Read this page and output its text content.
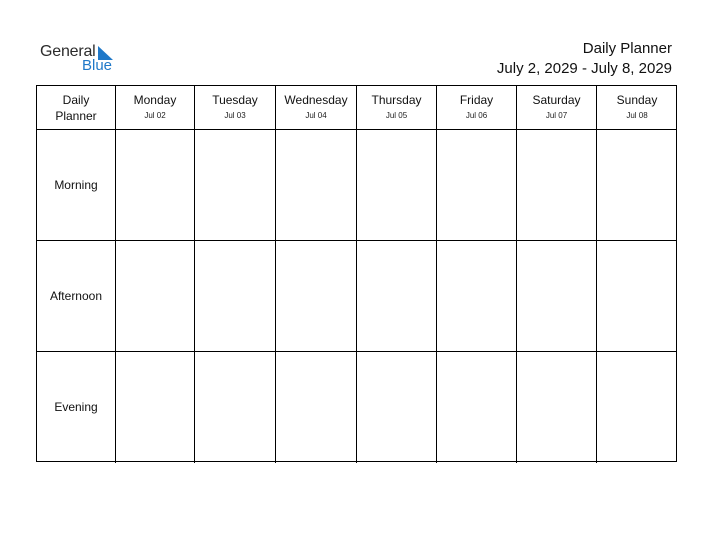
General
Blue
Daily Planner
July 2, 2029 - July 8, 2029
Daily
Planner
Monday
Jul 02
Tuesday
Jul 03
Wednesday
Jul 04
Thursday
Jul 05
Friday
Jul 06
Saturday
Jul 07
Sunday
Jul 08
Morning
Afternoon
Evening
